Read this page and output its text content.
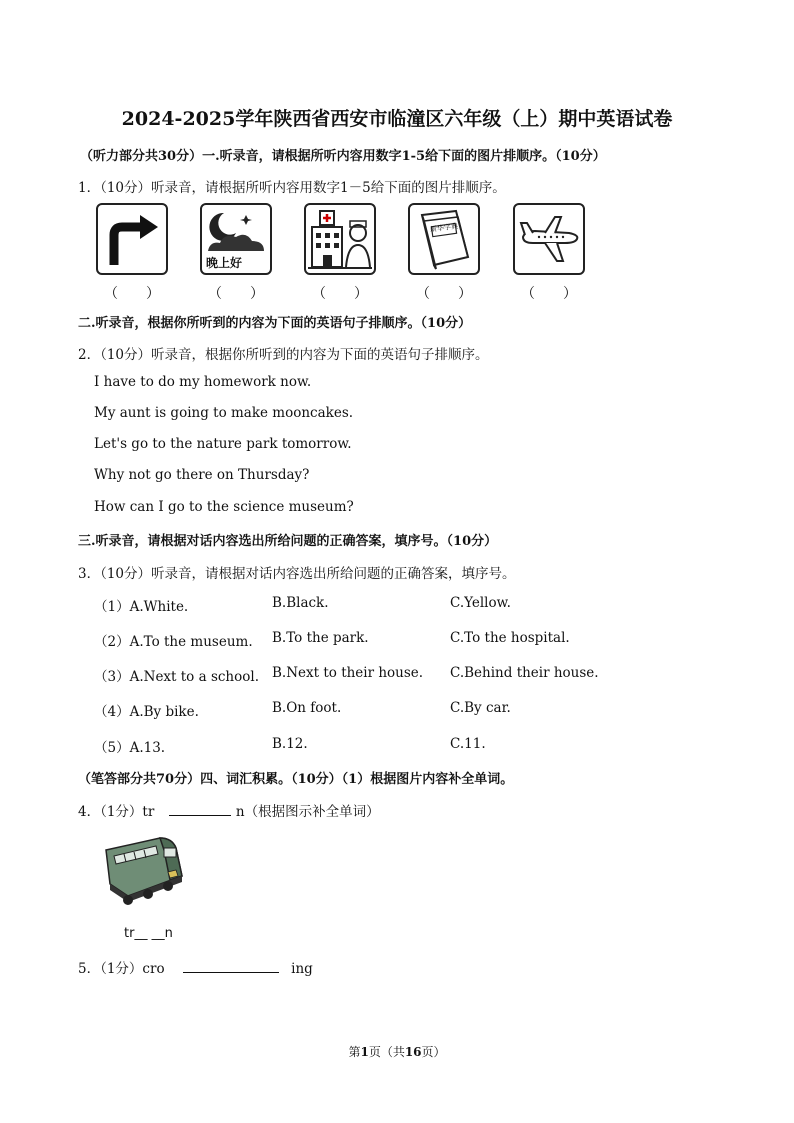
2024-2025学年陕西省西安市临潼区六年级（上）期中英语试卷
（听力部分共30分）一.听录音，请根据所听内容用数字1-5给下面的图片排顺序。（10分）
1．（10分）听录音，请根据所听内容用数字1－5给下面的图片排顺序。
（　　）
晚上好
（　　）	（　　）
新华字典
（　　）	（　　）
二.听录音，根据你所听到的内容为下面的英语句子排顺序。（10分）
2．（10分）听录音，根据你所听到的内容为下面的英语句子排顺序。
I have to do my homework now.
My aunt is going to make mooncakes.
Let's go to the nature park tomorrow.
Why not go there on Thursday?
How can I go to the science museum?
三.听录音，请根据对话内容选出所给问题的正确答案，填序号。（10分）
3．（10分）听录音，请根据对话内容选出所给问题的正确答案，填序号。
（1）A.White.	B.Black.	C.Yellow.
（2）A.To the museum. B.To the park.	C.To the hospital.
（3）A.Next to a school. B.Next to their house. C.Behind their house.
（4）A.By bike.	B.On foot.	C.By car.
（5）A.13.	B.12.	C.11.
（笔答部分共70分）四、词汇积累。（10分）（1）根据图片内容补全单词。
4．（1分）tr	n（根据图示补全单词）
tr__ __n
5．（1分）cro	ing
第1页（共16页）
